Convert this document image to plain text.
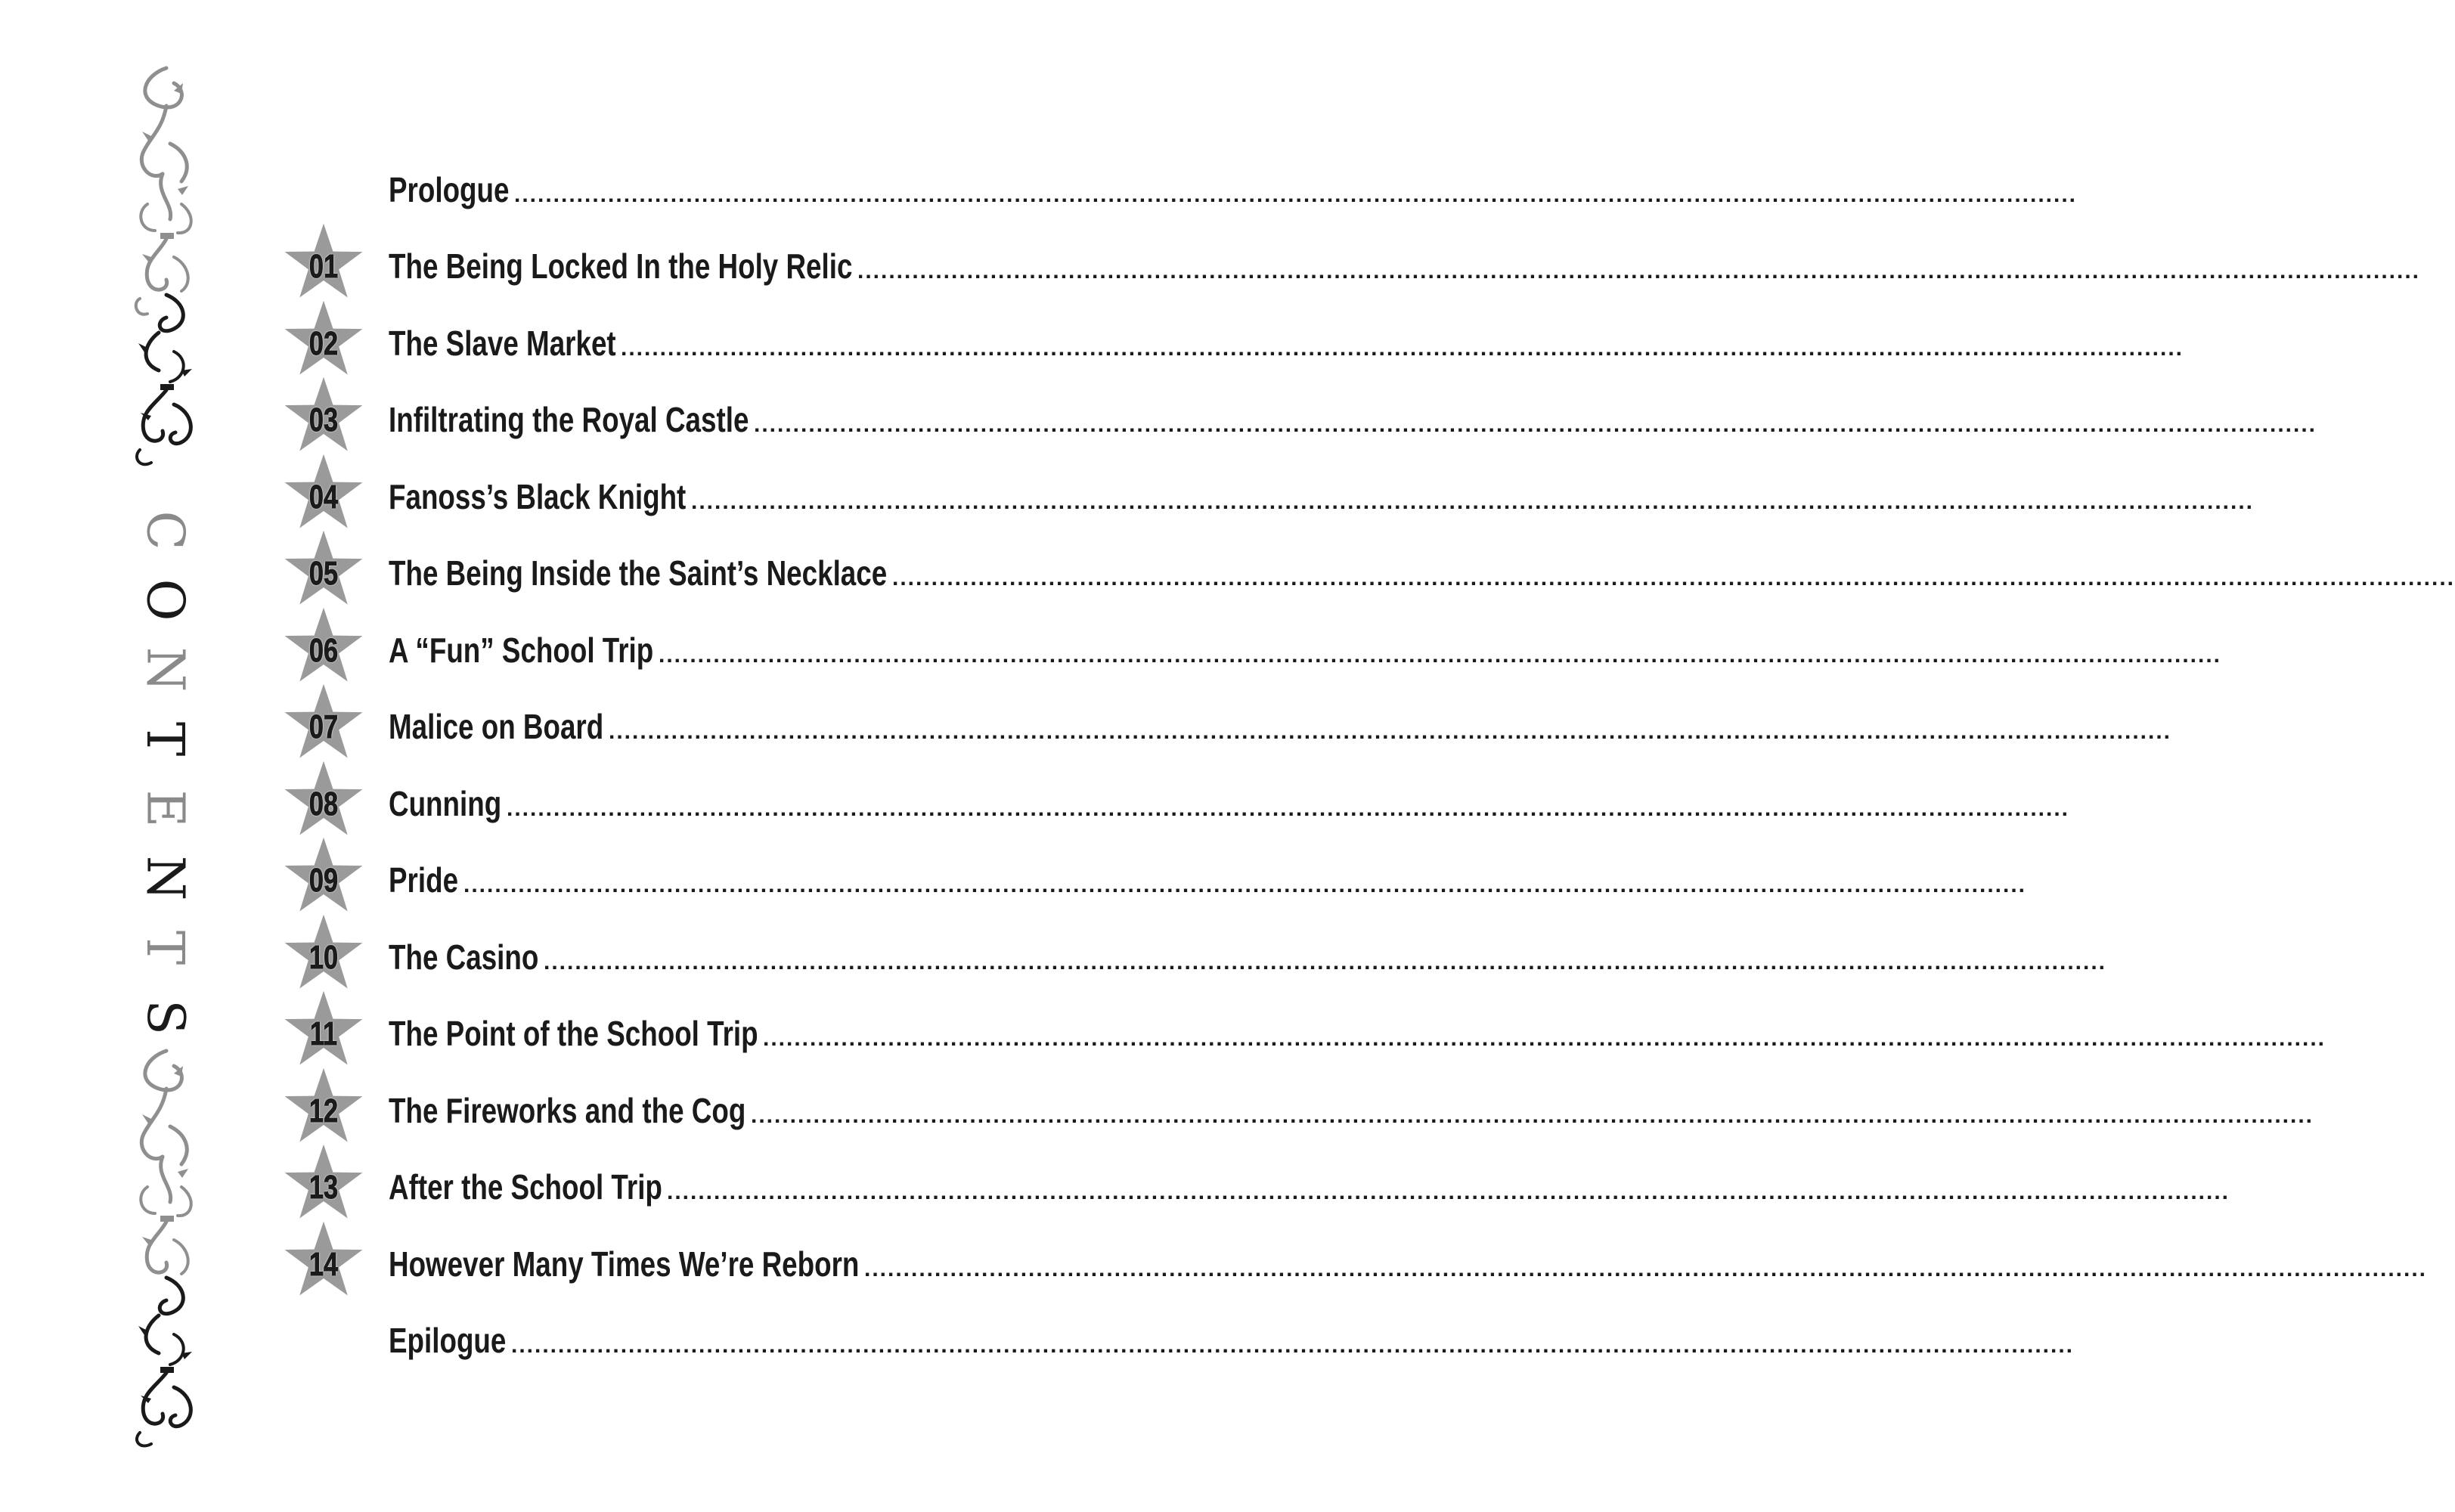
C
O
N
T
E
N
T
S
Prologue ........................................................................................................................................................................................................
01	The Being Locked In the Holy Relic ........................................................................................................................................................................................................
02	The Slave Market ........................................................................................................................................................................................................
03	Infiltrating the Royal Castle ........................................................................................................................................................................................................
04	Fanoss’s Black Knight ........................................................................................................................................................................................................
05	The Being Inside the Saint’s Necklace ........................................................................................................................................................................................................
06	A “Fun” School Trip ........................................................................................................................................................................................................
07	Malice on Board ........................................................................................................................................................................................................
08	Cunning ........................................................................................................................................................................................................
09	Pride ........................................................................................................................................................................................................
10	The Casino ........................................................................................................................................................................................................
11	The Point of the School Trip ........................................................................................................................................................................................................
12	The Fireworks and the Cog ........................................................................................................................................................................................................
13	After the School Trip ........................................................................................................................................................................................................
14	However Many Times We’re Reborn ........................................................................................................................................................................................................
Epilogue ........................................................................................................................................................................................................
